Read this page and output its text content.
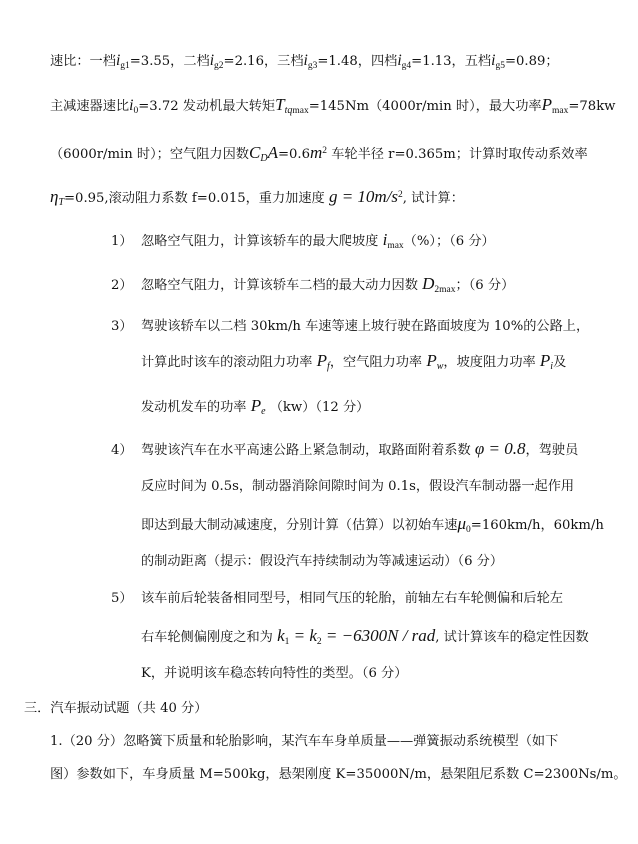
速比：一档$i_{g1}=3.55$，二档$i_{g2}=2.16$，三档$i_{g3}=1.48$，四档$i_{g4}=1.13$，五档$i_{g5}=0.89$；
主减速器速比$i_0=3.72$ 发动机最大转矩$T_{tqmax}=145Nm(4000r/\min$ 时），最大功率$P_{max}=78kw$
（6000r/min 时）；空气阻力因数$C_DA=0.6m^2$ 车轮半径 r=0.365m；计算时取传动系效率
$\eta_T=0.95$,滚动阻力系数 f=0.015，重力加速度 $g = 10m/s^2$, 试计算：
1） 忽略空气阻力，计算该轿车的最大爬坡度 $i_{max}(\%)$；（6 分）
2） 忽略空气阻力，计算该轿车二档的最大动力因数 $D_{2max}$；（6 分）
3） 驾驶该轿车以二档 30km/h 车速等速上坡行驶在路面坡度为 10%的公路上，
计算此时该车的滚动阻力功率 $P_f$，空气阻力功率 $P_w$，坡度阻力功率 $P_i$及
发动机发车的功率 $P_e$ （kw）（12 分）
4） 驾驶该汽车在水平高速公路上紧急制动，取路面附着系数 φ = 0.8，驾驶员
反应时间为 0.5s，制动器消除间隙时间为 0.1s，假设汽车制动器一起作用
即达到最大制动减速度，分别计算（估算）以初始车速$\mu_0=160km/h$，60km/h
的制动距离（提示：假设汽车持续制动为等减速运动）（6 分）
5） 该车前后轮装备相同型号，相同气压的轮胎，前轴左右车轮侧偏和后轮左
右车轮侧偏刚度之和为 $k_1 = k_2 = -6300N$ / rad, 试计算该车的稳定性因数
K，并说明该车稳态转向特性的类型。（6 分）
三．汽车振动试题（共 40 分）
1.（20 分）忽略簧下质量和轮胎影响，某汽车车身单质量——弹簧振动系统模型（如下
图）参数如下，车身质量 M=500kg，悬架刚度 K=35000N/m，悬架阻尼系数 C=2300Ns/m。
